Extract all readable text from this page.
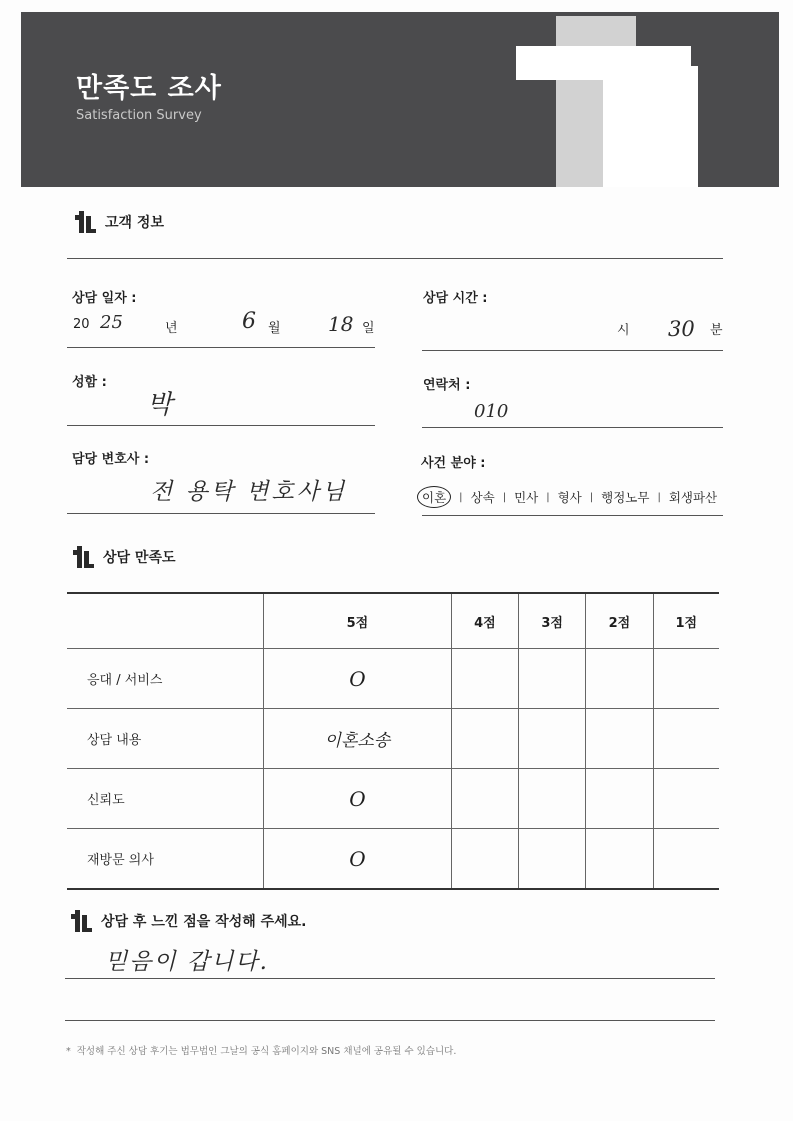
만족도 조사
Satisfaction Survey
고객 정보
상담 일자 :
20 25	년	6 월 18 일
상담 시간 :
시 30 분
성함 :
박
연락처 :
010
담당 변호사 :
전 용탁 변호사님
사건 분야 :
이혼	| 상속 | 민사 | 형사 | 행정노무 | 회생파산
상담 만족도
	5점	4점	3점	2점	1점
응대 / 서비스	O				
상담 내용	이혼소송				
신뢰도	O				
재방문 의사	O				
상담 후 느낀 점을 작성해 주세요.
믿음이 갑니다.
* 작성해 주신 상담 후기는 법무법인 그날의 공식 홈페이지와 SNS 채널에 공유될 수 있습니다.
